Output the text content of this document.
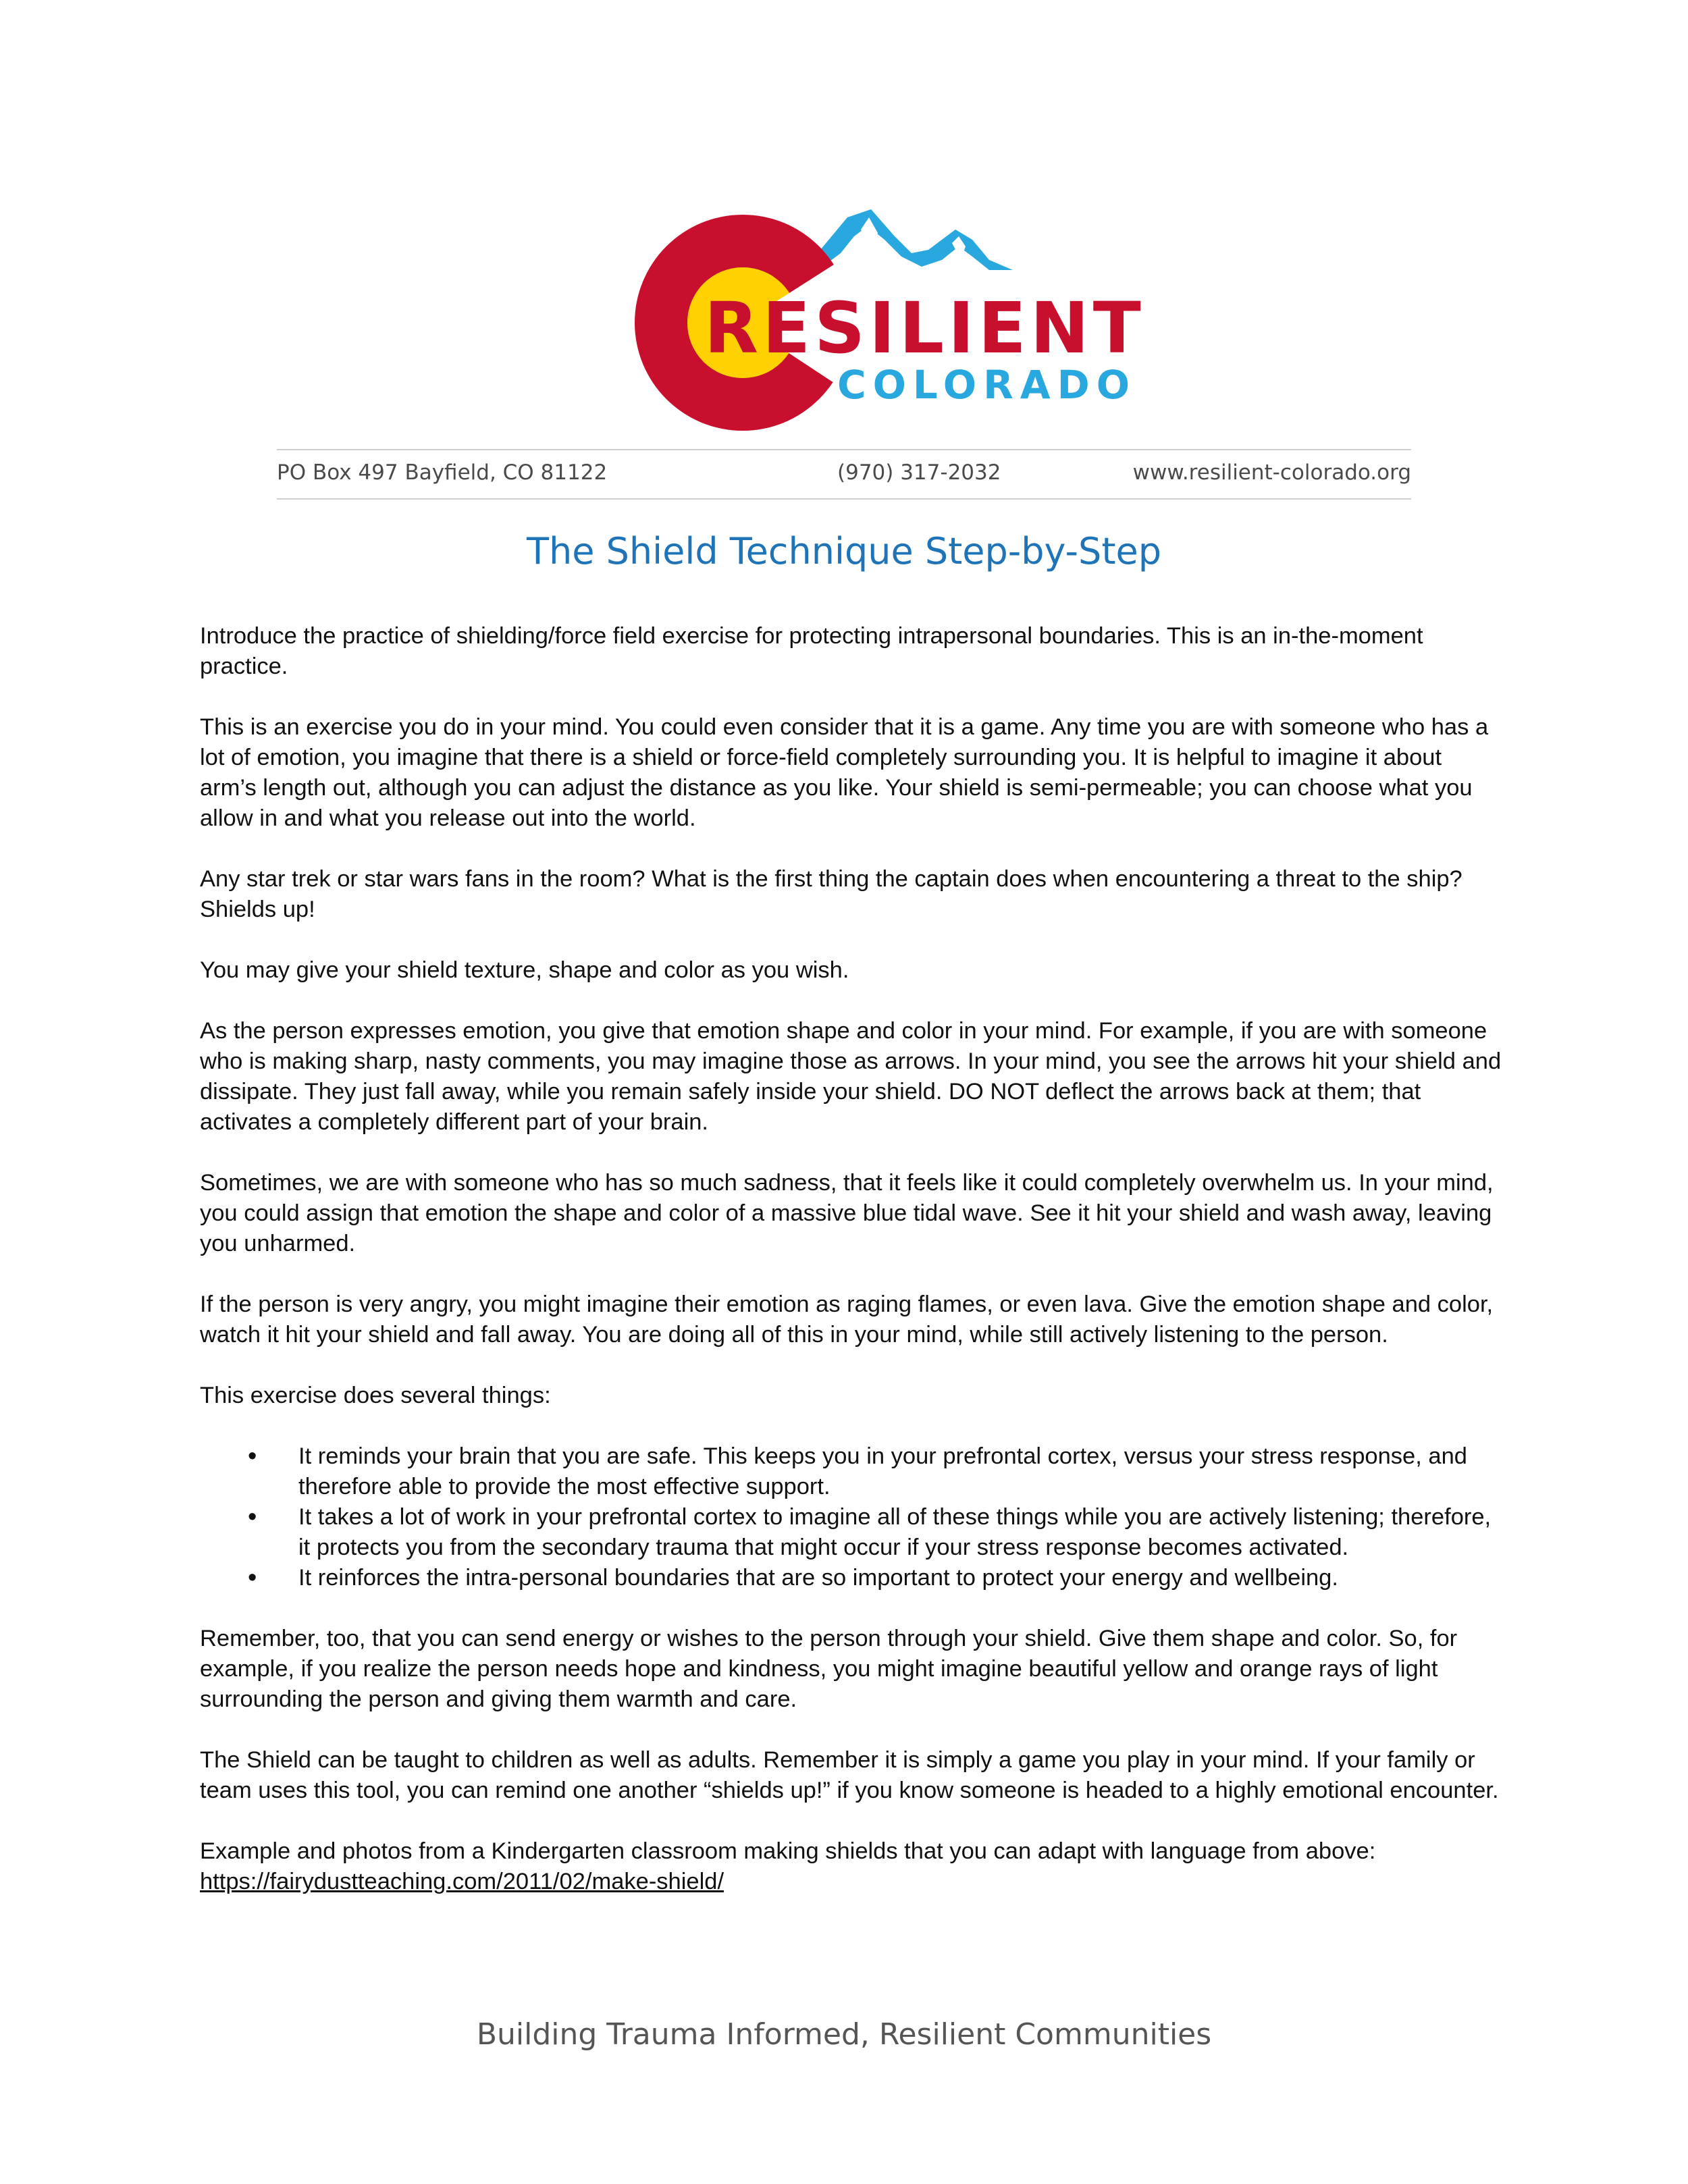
RESILIENT
COLORADO
PO Box 497 Bayfield, CO 81122	(970) 317-2032	www.resilient-colorado.org
The Shield Technique Step-by-Step

Introduce the practice of shielding/force field exercise for protecting intrapersonal boundaries. This is an in-the-moment practice.

This is an exercise you do in your mind. You could even consider that it is a game. Any time you are with someone who has a lot of emotion, you imagine that there is a shield or force-field completely surrounding you. It is helpful to imagine it about arm’s length out, although you can adjust the distance as you like. Your shield is semi-permeable; you can choose what you allow in and what you release out into the world.

Any star trek or star wars fans in the room? What is the first thing the captain does when encountering a threat to the ship? Shields up!

You may give your shield texture, shape and color as you wish.

As the person expresses emotion, you give that emotion shape and color in your mind. For example, if you are with someone who is making sharp, nasty comments, you may imagine those as arrows. In your mind, you see the arrows hit your shield and dissipate. They just fall away, while you remain safely inside your shield. DO NOT deflect the arrows back at them; that activates a completely different part of your brain.

Sometimes, we are with someone who has so much sadness, that it feels like it could completely overwhelm us. In your mind, you could assign that emotion the shape and color of a massive blue tidal wave. See it hit your shield and wash away, leaving you unharmed.

If the person is very angry, you might imagine their emotion as raging flames, or even lava. Give the emotion shape and color, watch it hit your shield and fall away. You are doing all of this in your mind, while still actively listening to the person.

This exercise does several things:

• It reminds your brain that you are safe. This keeps you in your prefrontal cortex, versus your stress response, and therefore able to provide the most effective support.
• It takes a lot of work in your prefrontal cortex to imagine all of these things while you are actively listening; therefore, it protects you from the secondary trauma that might occur if your stress response becomes activated.
• It reinforces the intra-personal boundaries that are so important to protect your energy and wellbeing.

Remember, too, that you can send energy or wishes to the person through your shield. Give them shape and color. So, for example, if you realize the person needs hope and kindness, you might imagine beautiful yellow and orange rays of light surrounding the person and giving them warmth and care.

The Shield can be taught to children as well as adults. Remember it is simply a game you play in your mind. If your family or team uses this tool, you can remind one another “shields up!” if you know someone is headed to a highly emotional encounter.

Example and photos from a Kindergarten classroom making shields that you can adapt with language from above:
https://fairydustteaching.com/2011/02/make-shield/

Building Trauma Informed, Resilient Communities
